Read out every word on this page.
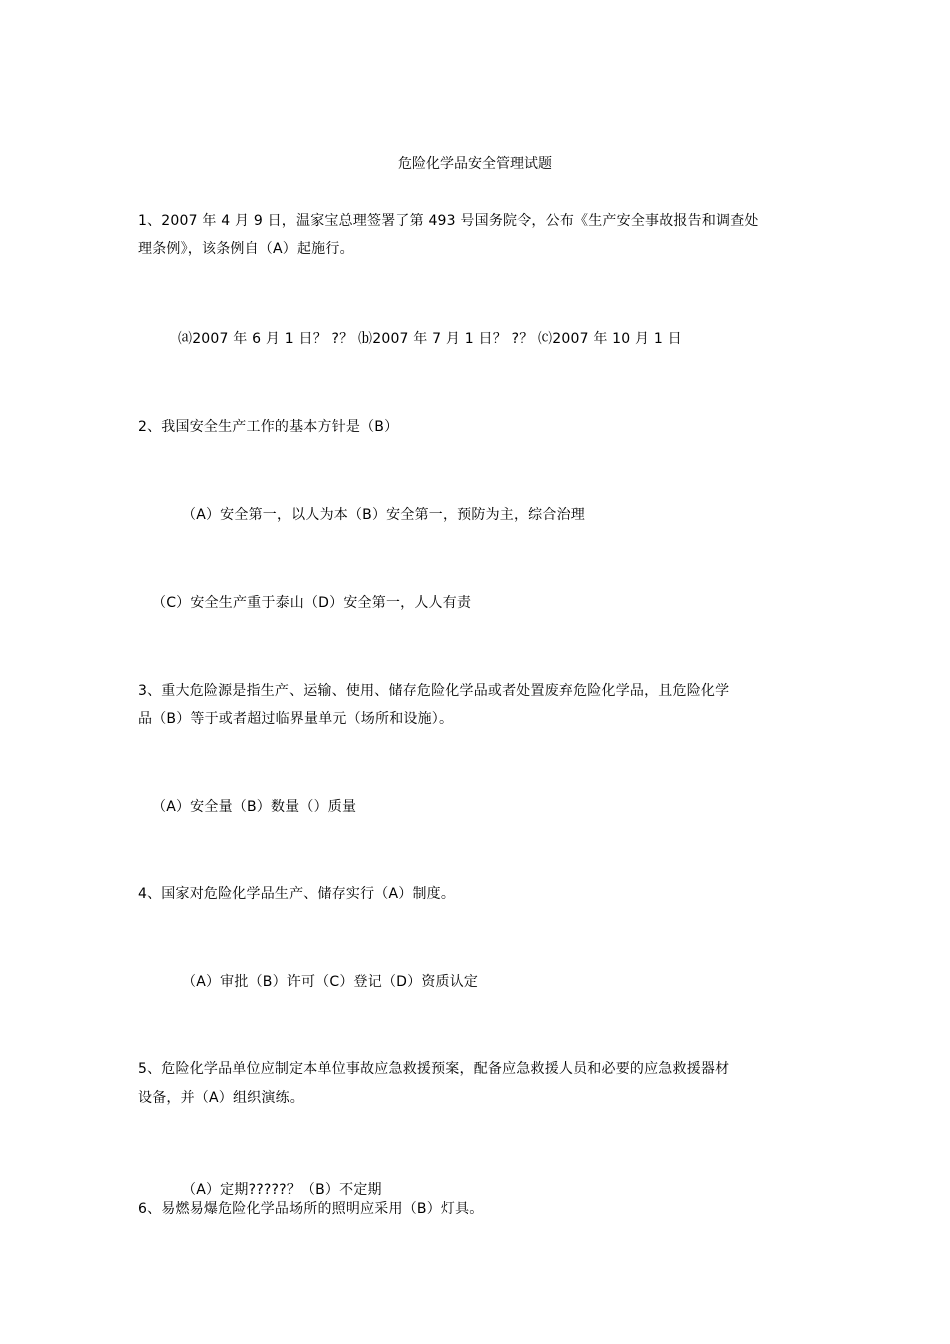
危险化学品安全管理试题
1、2007 年 4 月 9 日，温家宝总理签署了第 493 号国务院令，公布《生产安全事故报告和调查处
理条例》，该条例自（A）起施行。
⒜2007 年 6 月 1 日？ ?？ ⒝2007 年 7 月 1 日？ ?？ ⒞2007 年 10 月 1 日
2、我国安全生产工作的基本方针是（B）
（A）安全第一，以人为本（B）安全第一，预防为主，综合治理
（C）安全生产重于泰山（D）安全第一，人人有责
3、重大危险源是指生产、运输、使用、储存危险化学品或者处置废弃危险化学品，且危险化学
品（B）等于或者超过临界量单元（场所和设施）。
（A）安全量（B）数量（）质量
4、国家对危险化学品生产、储存实行（A）制度。
（A）审批（B）许可（C）登记（D）资质认定
5、危险化学品单位应制定本单位事故应急救援预案，配备应急救援人员和必要的应急救援器材
设备，并（A）组织演练。
（A）定期?????？（B）不定期
6、易燃易爆危险化学品场所的照明应采用（B）灯具。
